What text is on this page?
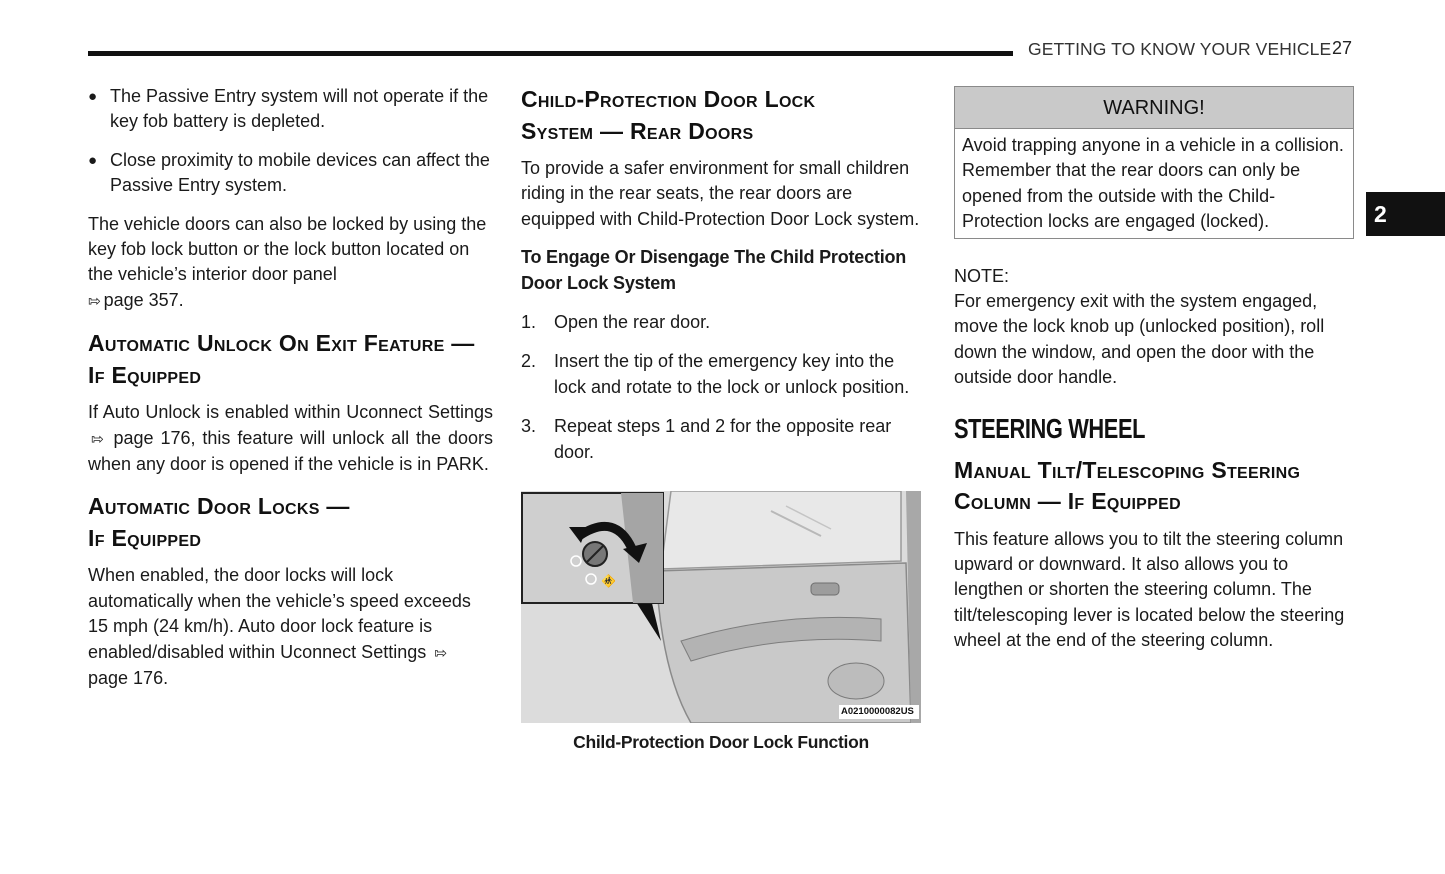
GETTING TO KNOW YOUR VEHICLE 27
2

● The Passive Entry system will not operate if the key fob battery is depleted.

● Close proximity to mobile devices can affect the Passive Entry system.

The vehicle doors can also be locked by using the key fob lock button or the lock button located on the vehicle’s interior door panel
⇰ page 357.

Automatic Unlock On Exit Feature — If Equipped

If Auto Unlock is enabled within Uconnect Settings ⇰ page 176, this feature will unlock all the doors when any door is opened if the vehicle is in PARK.

Automatic Door Locks —
If Equipped

When enabled, the door locks will lock automatically when the vehicle’s speed exceeds 15 mph (24 km/h). Auto door lock feature is enabled/disabled within Uconnect Settings ⇰ page 176.

Child-Protection Door Lock
System — Rear Doors

To provide a safer environment for small children riding in the rear seats, the rear doors are equipped with Child-Protection Door Lock system.

To Engage Or Disengage The Child Protection Door Lock System

1. Open the rear door.
2. Insert the tip of the emergency key into the lock and rotate to the lock or unlock position.
3. Repeat steps 1 and 2 for the opposite rear door.
🚸
A0210000082US
Child-Protection Door Lock Function
WARNING!
Avoid trapping anyone in a vehicle in a collision. Remember that the rear doors can only be opened from the outside with the Child-Protection locks are engaged (locked).

NOTE:

For emergency exit with the system engaged, move the lock knob up (unlocked position), roll down the window, and open the door with the outside door handle.

STEERING WHEEL
Manual Tilt/Telescoping Steering
Column — If Equipped

This feature allows you to tilt the steering column upward or downward. It also allows you to lengthen or shorten the steering column. The tilt/telescoping lever is located below the steering wheel at the end of the steering column.
